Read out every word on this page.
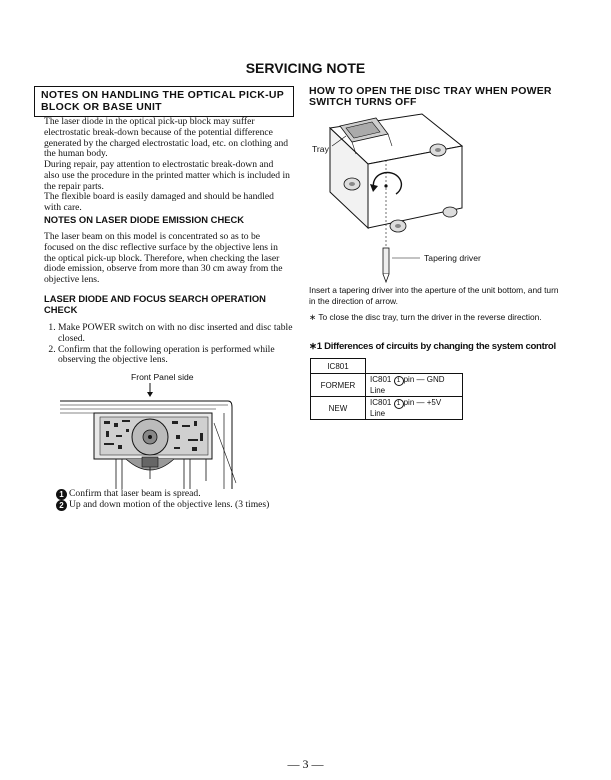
SERVICING NOTE
NOTES ON HANDLING THE OPTICAL PICK-UP BLOCK OR BASE UNIT

The laser diode in the optical pick-up block may suffer electrostatic break-down because of the potential difference generated by the charged electrostatic load, etc. on clothing and the human body.

During repair, pay attention to electrostatic break-down and also use the procedure in the printed matter which is included in the repair parts.

The flexible board is easily damaged and should be handled with care.

NOTES ON LASER DIODE EMISSION CHECK

The laser beam on this model is concentrated so as to be focused on the disc reflective surface by the objective lens in the optical pick-up block. Therefore, when checking the laser diode emission, observe from more than 30 cm away from the objective lens.

LASER DIODE AND FOCUS SEARCH OPERATION CHECK
1. Make POWER switch on with no disc inserted and disc table closed.
2. Confirm that the following operation is performed while observing the objective lens.
Front Panel side
1 Confirm that laser beam is spread.
2 Up and down motion of the objective lens. (3 times)
HOW TO OPEN THE DISC TRAY WHEN POWER SWITCH TURNS OFF
Tray
Tapering driver
Insert a tapering driver into the aperture of the unit bottom, and turn in the direction of arrow.
∗ To close the disc tray, turn the driver in the reverse direction.
∗1 Differences of circuits by changing the system control
IC801	
FORMER	IC801 1 pin — GND Line
NEW	IC801 1 pin — +5V Line
— 3 —
